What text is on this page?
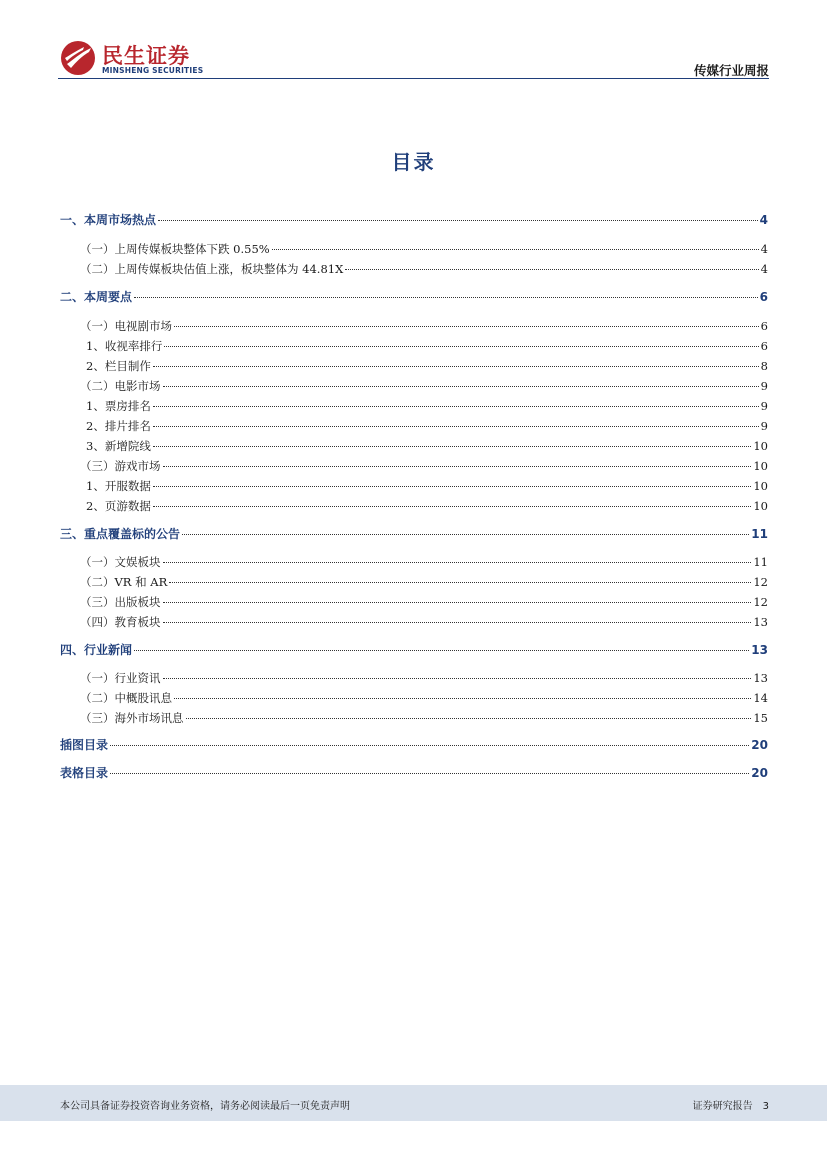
民生证券
MINSHENG SECURITIES	传媒行业周报
目录
一、本周市场热点	4
（一）上周传媒板块整体下跌 0.55%	4
（二）上周传媒板块估值上涨，板块整体为 44.81X	4
二、本周要点	6
（一）电视剧市场	6
1、收视率排行	6
2、栏目制作	8
（二）电影市场	9
1、票房排名	9
2、排片排名	9
3、新增院线	10
（三）游戏市场	10
1、开服数据	10
2、页游数据	10
三、重点覆盖标的公告	11
（一）文娱板块	11
（二）VR 和 AR	12
（三）出版板块	12
（四）教育板块	13
四、行业新闻	13
（一）行业资讯	13
（二）中概股讯息	14
（三）海外市场讯息	15
插图目录	20
表格目录	20
本公司具备证券投资咨询业务资格，请务必阅读最后一页免责声明	证券研究报告 3
